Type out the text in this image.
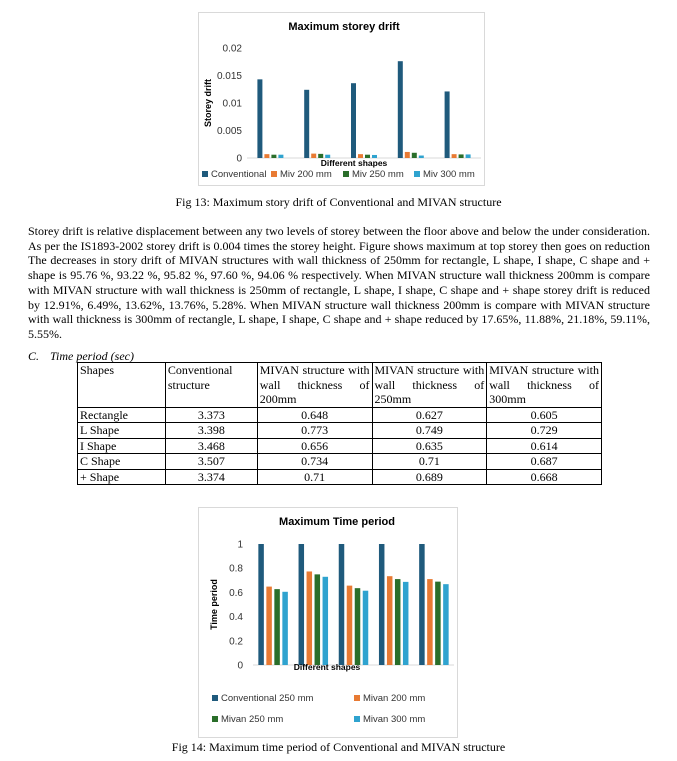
Maximum storey drift
0
0.005
0.01
0.015
0.02
Storey drift
Different shapes
Conventional Miv 200 mm Miv 250 mm Miv 300 mm
Fig 13: Maximum story drift of Conventional and MIVAN structure
Storey drift is relative displacement between any two levels of storey between the floor above and below the under consideration. As per the IS1893-2002 storey drift is 0.004 times the storey height. Figure shows maximum at top storey then goes on reduction The decreases in story drift of MIVAN structures with wall thickness of 250mm for rectangle, L shape, I shape, C shape and + shape is 95.76 %, 93.22 %, 95.82 %, 97.60 %, 94.06 % respectively. When MIVAN structure wall thickness 200mm is compare with MIVAN structure with wall thickness is 250mm of rectangle, L shape, I shape, C shape and + shape storey drift is reduced by 12.91%, 6.49%, 13.62%, 13.76%, 5.28%. When MIVAN structure wall thickness 200mm is compare with MIVAN structure with wall thickness is 300mm of rectangle, L shape, I shape, C shape and + shape reduced by 17.65%, 11.88%, 21.18%, 59.11%, 5.55%.
C. Time period (sec)
Shapes	Conventional structure	MIVAN structure with wall thickness of 200mm	MIVAN structure with wall thickness of 250mm	MIVAN structure with wall thickness of 300mm
Rectangle	3.373	0.648	0.627	0.605
L Shape	3.398	0.773	0.749	0.729
I Shape	3.468	0.656	0.635	0.614
C Shape	3.507	0.734	0.71	0.687
+ Shape	3.374	0.71	0.689	0.668
Maximum Time period
0
0.2
0.4
0.6
0.8
1
Time period
Different shapes
Conventional 250 mm	Mivan 200 mm
Mivan 250 mm	Mivan 300 mm
Fig 14: Maximum time period of Conventional and MIVAN structure
